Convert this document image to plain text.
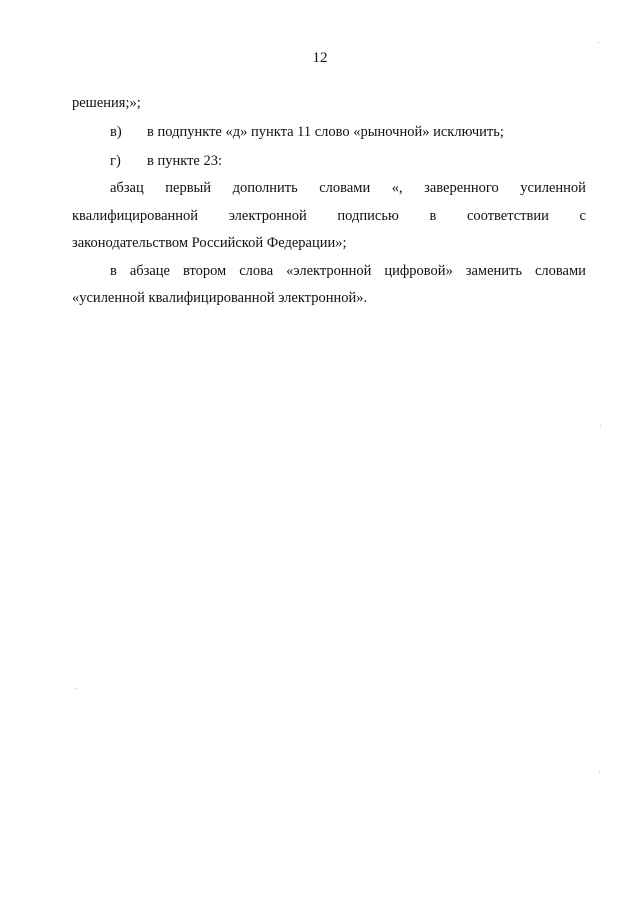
12
решения;»;
в) в подпункте «д» пункта 11 слово «рыночной» исключить;
г) в пункте 23:
абзац первый дополнить словами «, заверенного усиленной
квалифицированной электронной подписью в соответствии с
законодательством Российской Федерации»;
в абзаце втором слова «электронной цифровой» заменить словами
«усиленной квалифицированной электронной».
